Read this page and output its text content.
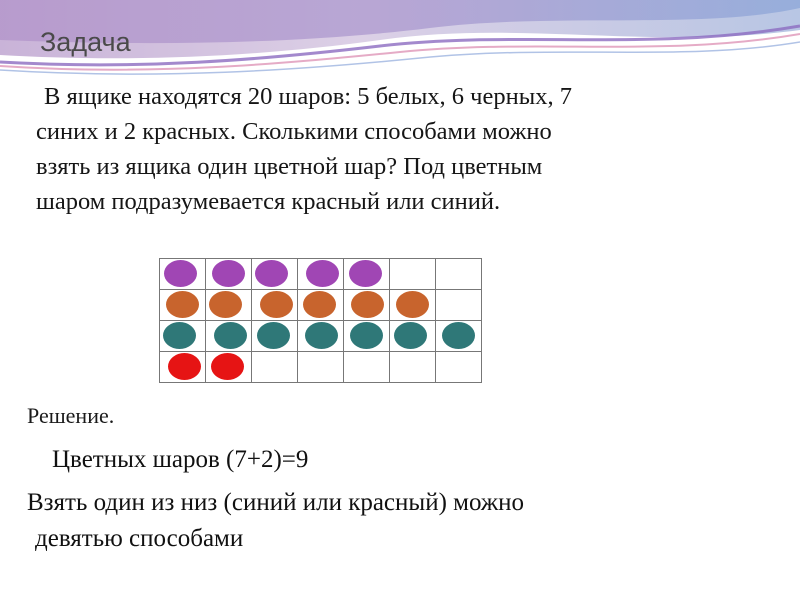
Задача
В ящике находятся 20 шаров: 5 белых, 6 черных, 7
синих и 2 красных. Сколькими способами можно
взять из ящика один цветной шар? Под цветным
шаром подразумевается красный или синий.

Решение.
Цветных шаров (7+2)=9
Взять один из низ (синий или красный) можно
девятью способами
